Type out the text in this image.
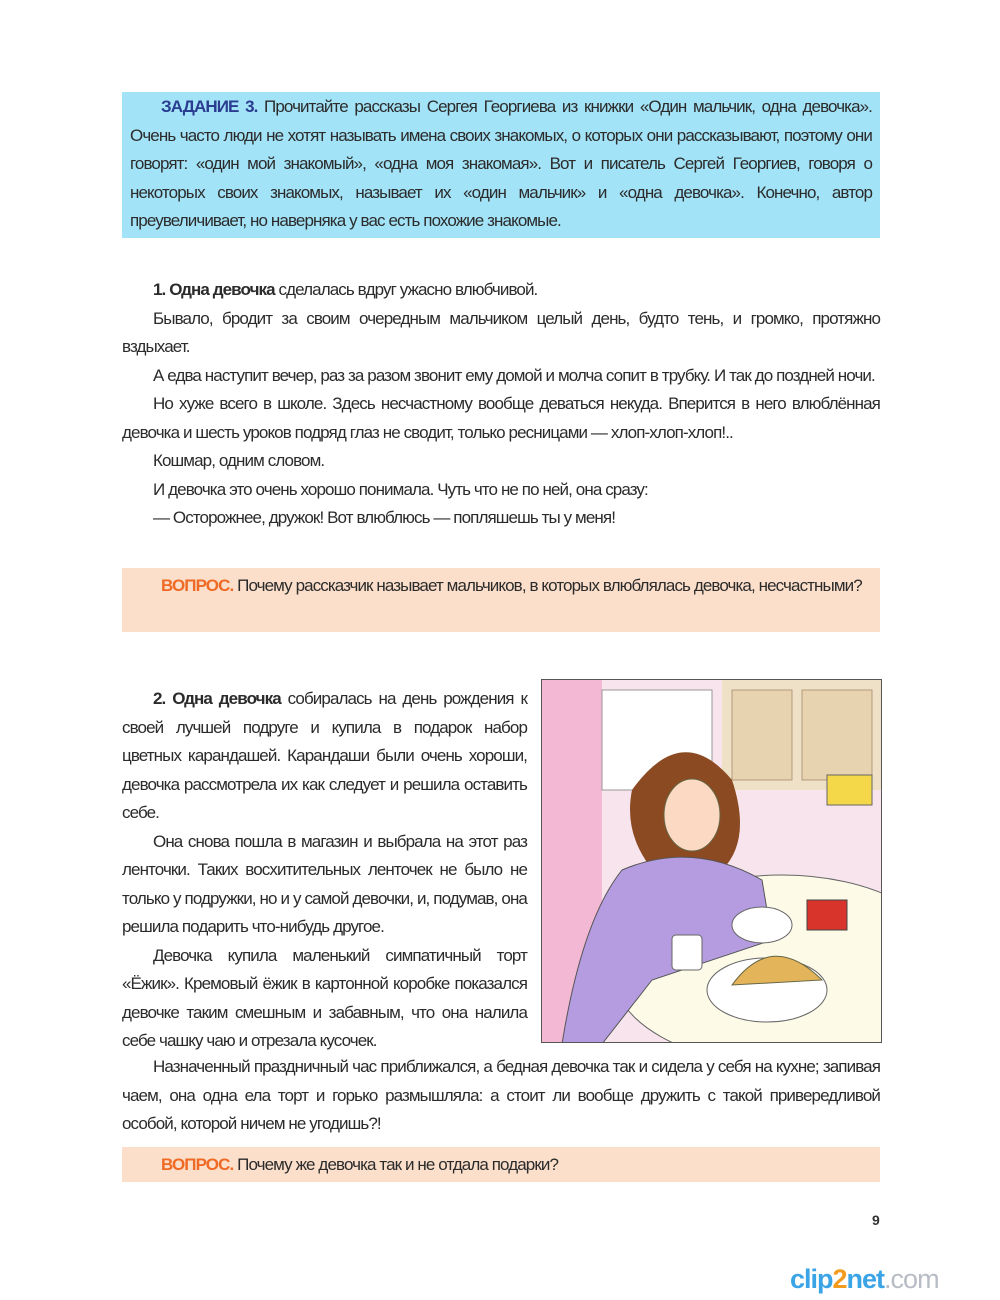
ЗАДАНИЕ 3. Прочитайте рассказы Сергея Георгиева из книжки «Один мальчик, одна девочка». Очень часто люди не хотят называть имена своих знакомых, о которых они рассказывают, поэтому они говорят: «один мой знакомый», «одна моя знакомая». Вот и писатель Сергей Георгиев, говоря о некоторых своих знакомых, называет их «один мальчик» и «одна девочка». Конечно, автор преувеличивает, но наверняка у вас есть похожие знакомые.

1. Одна девочка сделалась вдруг ужасно влюбчивой.

Бывало, бродит за своим очередным мальчиком целый день, будто тень, и громко, протяжно вздыхает.

А едва наступит вечер, раз за разом звонит ему домой и молча сопит в трубку. И так до поздней ночи.

Но хуже всего в школе. Здесь несчастному вообще деваться некуда. Вперится в него влюблённая девочка и шесть уроков подряд глаз не сводит, только ресницами — хлоп-хлоп-хлоп!..

Кошмар, одним словом.

И девочка это очень хорошо понимала. Чуть что не по ней, она сразу:

— Осторожнее, дружок! Вот влюблюсь — попляшешь ты у меня!

ВОПРОС. Почему рассказчик называет мальчиков, в которых влюблялась девочка, несчастными?

2. Одна девочка собиралась на день рождения к своей лучшей подруге и купила в подарок набор цветных карандашей. Карандаши были очень хороши, девочка рассмотрела их как следует и решила оставить себе.

Она снова пошла в магазин и выбрала на этот раз ленточки. Таких восхитительных ленточек не было не только у подружки, но и у самой девочки, и, подумав, она решила подарить что-нибудь другое.

Девочка купила маленький симпатичный торт «Ёжик». Кремовый ёжик в картонной коробке показался девочке таким смешным и забавным, что она налила себе чашку чаю и отрезала кусочек.

Назначенный праздничный час приближался, а бедная девочка так и сидела у себя на кухне; запивая чаем, она одна ела торт и горько размышляла: а стоит ли вообще дружить с такой привередливой особой, которой ничем не угодишь?!

ВОПРОС. Почему же девочка так и не отдала подарки?

9
clip2net.com
